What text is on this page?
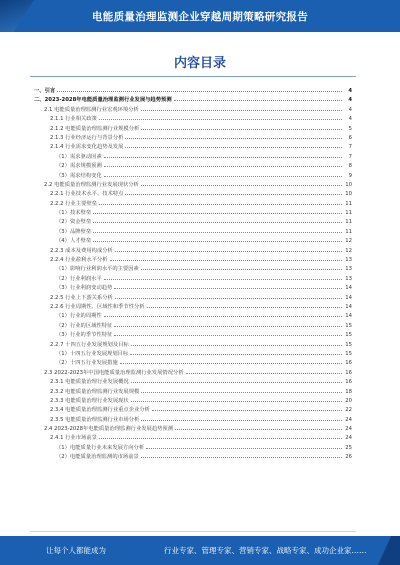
电能质量治理监测企业穿越周期策略研究报告
内容目录
一、引言	4
二、2023-2028年电能质量治理监测行业发展与趋势预测	4
2.1 电能质量治理监测行业宏观环境分析	4
2.1.1 行业相关政策	4
2.1.2 电能质量治理监测行业规模分析	5
2.1.3 行业经济运行与背景分析	6
2.1.4 行业需求变化趋势及发展	7
（1）需求驱动因素	7
（2）需求规模预测	8
（3）需求结构变化	9
2.2 电能质量治理监测行业发展现状分析	10
2.2.1 行业技术水平、技术特点	10
2.2.2 行业主要壁垒	11
（1）技术壁垒	11
（2）资金壁垒	11
（3）品牌壁垒	11
（4）人才壁垒	12
2.2.3 成本及费用构成分析	12
2.2.4 行业盈利水平分析	13
（1）影响行业利润水平的主要因素	13
（2）行业利润水平	13
（3）行业利润变动趋势	14
2.2.5 行业上下游关系分析	14
2.2.6 行业周期性、区域性和季节性分析	14
（1）行业的周期性	14
（2）行业的区域性特征	15
（3）行业的季节性特征	15
2.2.7 十四五行业发展规划及目标	15
（1）十四五行业发展规划目标	15
（2）十四五行业发展措施	16
2.3 2022-2023年中国电能质量治理监测行业发展情况分析	16
2.3.1 电能质量治理行业发展概况	16
2.3.2 电能质量治理监测行业发展规模	18
2.3.3 电能质量治理行业发展现状	20
2.3.4 电能质量治理监测行业重点企业分析	22
2.3.5 电能质量治理监测行业市场分析	24
2.4 2023-2028年电能质量治理监测行业发展趋势预测	24
2.4.1 行业市场前景	24
（1）电能质量行业未来发展方向分析	25
（2）电能质量治理监测的市场前景	26
让每个人都能成为	行业专家、管理专家、营销专家、战略专家、成功企业家……
